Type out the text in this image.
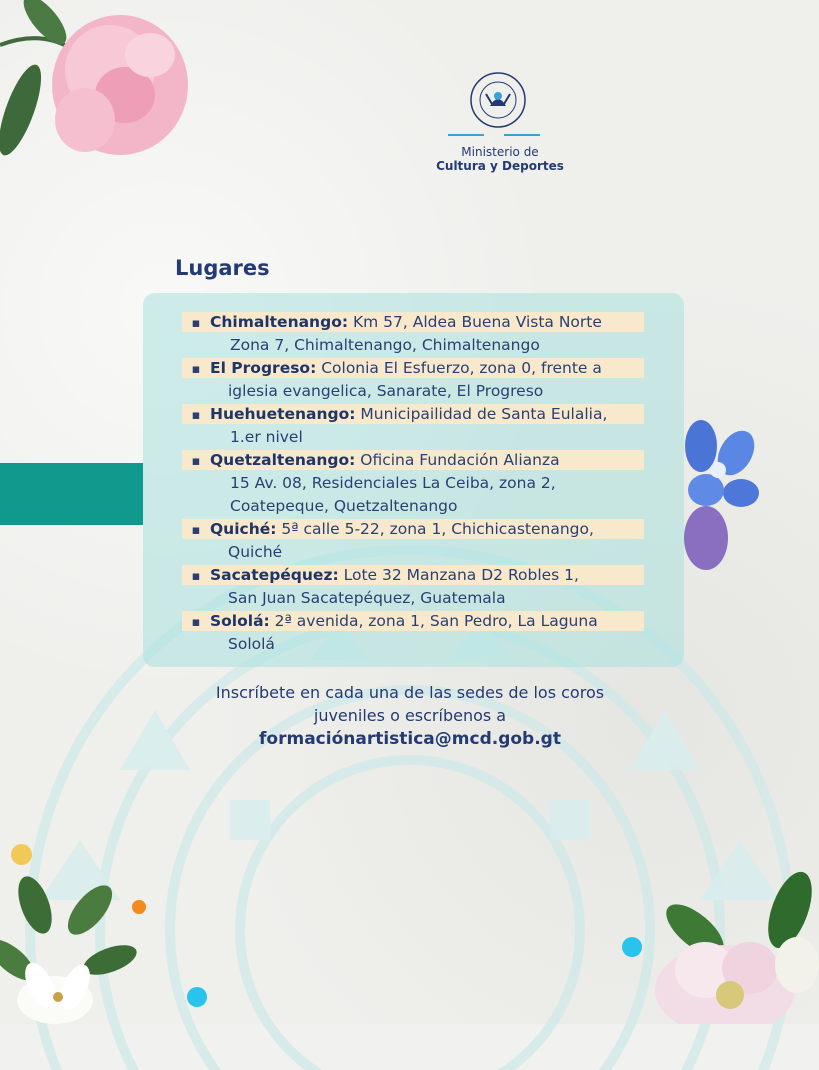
Ministerio de
Cultura y Deportes
Lugares
▪ Chimaltenango: Km 57, Aldea Buena Vista Norte
Zona 7, Chimaltenango, Chimaltenango
▪ El Progreso: Colonia El Esfuerzo, zona 0, frente a
iglesia evangelica, Sanarate, El Progreso
▪ Huehuetenango: Municipailidad de Santa Eulalia,
1.er nivel
▪ Quetzaltenango: Oficina Fundación Alianza
15 Av. 08, Residenciales La Ceiba, zona 2,
Coatepeque, Quetzaltenango
▪ Quiché: 5ª calle 5-22, zona 1, Chichicastenango,
Quiché
▪ Sacatepéquez: Lote 32 Manzana D2 Robles 1,
San Juan Sacatepéquez, Guatemala
▪ Sololá: 2ª avenida, zona 1, San Pedro, La Laguna
Sololá
Inscríbete en cada una de las sedes de los coros
juveniles o escríbenos a
formaciónartistica@mcd.gob.gt
